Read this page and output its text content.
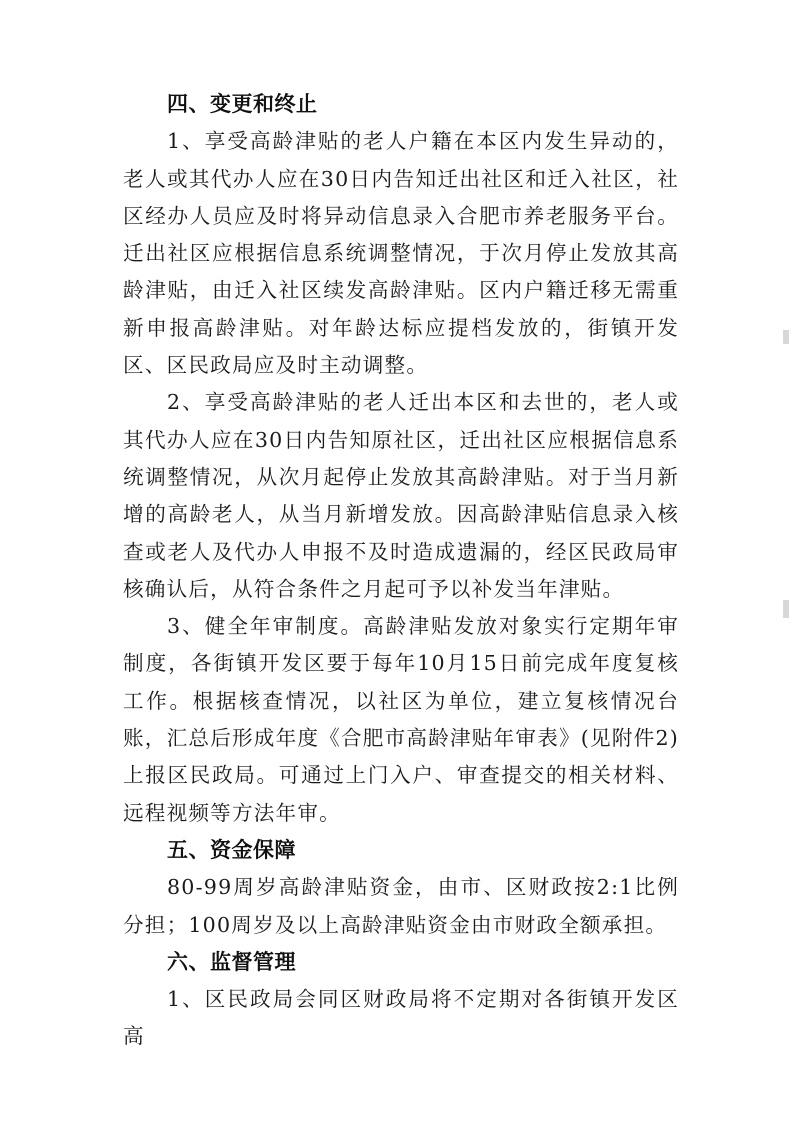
四、变更和终止

1、享受高龄津贴的老人户籍在本区内发生异动的，老人或其代办人应在30日内告知迁出社区和迁入社区，社区经办人员应及时将异动信息录入合肥市养老服务平台。迁出社区应根据信息系统调整情况，于次月停止发放其高龄津贴，由迁入社区续发高龄津贴。区内户籍迁移无需重新申报高龄津贴。对年龄达标应提档发放的，街镇开发区、区民政局应及时主动调整。

2、享受高龄津贴的老人迁出本区和去世的，老人或其代办人应在30日内告知原社区，迁出社区应根据信息系统调整情况，从次月起停止发放其高龄津贴。对于当月新增的高龄老人，从当月新增发放。因高龄津贴信息录入核查或老人及代办人申报不及时造成遗漏的，经区民政局审核确认后，从符合条件之月起可予以补发当年津贴。

3、健全年审制度。高龄津贴发放对象实行定期年审制度，各街镇开发区要于每年10月15日前完成年度复核工作。根据核查情况，以社区为单位，建立复核情况台账，汇总后形成年度《合肥市高龄津贴年审表》(见附件2)上报区民政局。可通过上门入户、审查提交的相关材料、远程视频等方法年审。

五、资金保障

80-99周岁高龄津贴资金，由市、区财政按2:1比例分担；100周岁及以上高龄津贴资金由市财政全额承担。

六、监督管理

1、区民政局会同区财政局将不定期对各街镇开发区高
